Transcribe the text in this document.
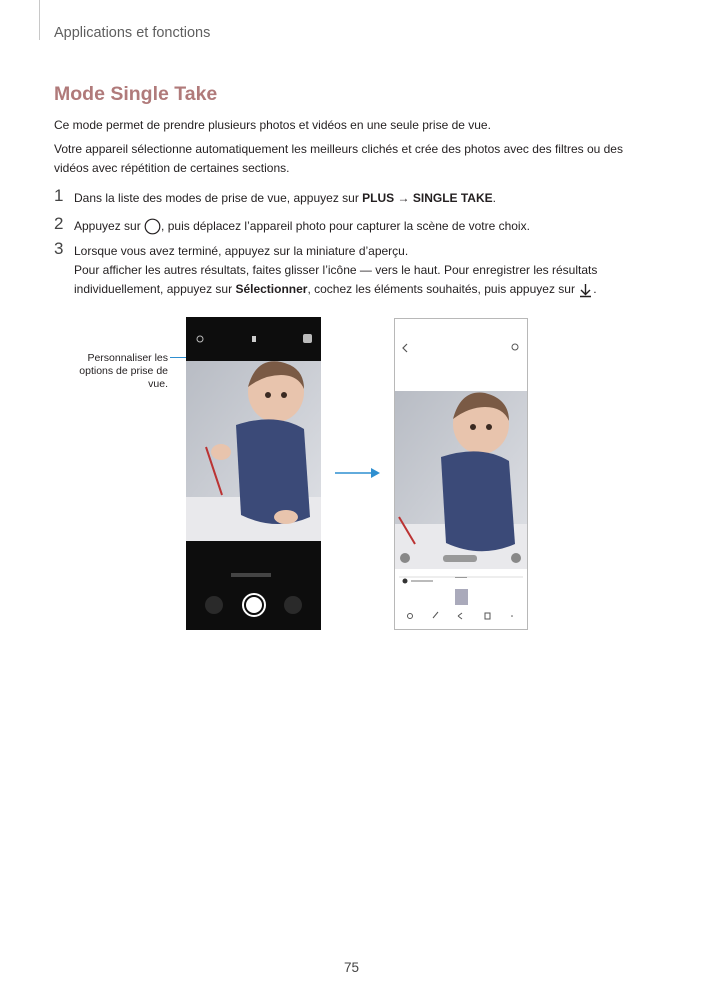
Applications et fonctions
Mode Single Take
Ce mode permet de prendre plusieurs photos et vidéos en une seule prise de vue.
Votre appareil sélectionne automatiquement les meilleurs clichés et crée des photos avec des filtres ou des vidéos avec répétition de certaines sections.
1 Dans la liste des modes de prise de vue, appuyez sur PLUS → SINGLE TAKE.
2 Appuyez sur , puis déplacez l’appareil photo pour capturer la scène de votre choix.
3 Lorsque vous avez terminé, appuyez sur la miniature d’aperçu.
Pour afficher les autres résultats, faites glisser l’icône — vers le haut. Pour enregistrer les résultats individuellement, appuyez sur Sélectionner, cochez les éléments souhaités, puis appuyez sur .
Personnaliser les options de prise de vue.
75
